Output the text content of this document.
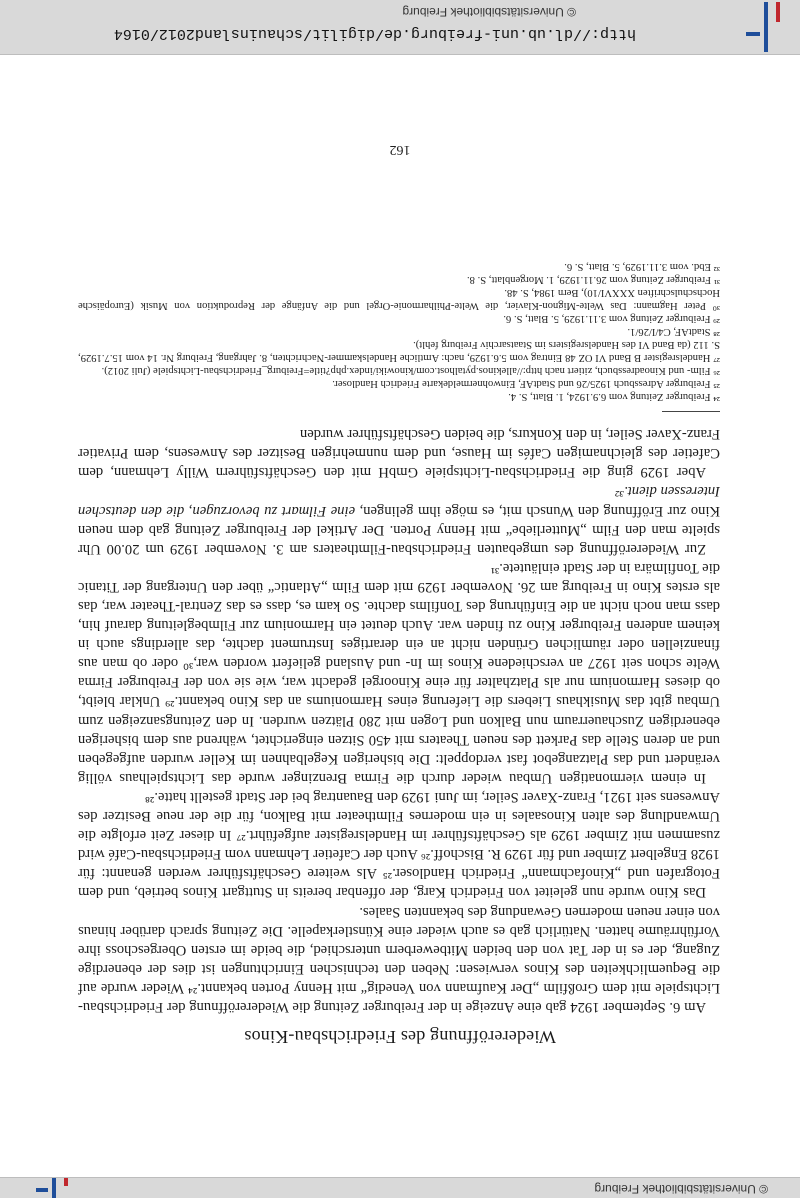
© Universitätsbibliothek Freiburg
Wiedereröffnung des Friedrichsbau-Kinos

Am 6. September 1924 gab eine Anzeige in der Freiburger Zeitung die Wiedereröffnung der Friedrichsbau-Lichtspiele mit dem Großfilm „Der Kaufmann von Venedig“ mit Henny Porten bekannt.²⁴ Wieder wurde auf die Bequemlichkeiten des Kinos verwiesen: Neben den technischen Einrichtungen ist dies der ebenerdige Zugang, der es in der Tat von den beiden Mitbewerbern unterschied, die beide im ersten Obergeschoss ihre Vorführräume hatten. Natürlich gab es auch wieder eine Künstlerkapelle. Die Zeitung sprach darüber hinaus von einer neuen modernen Gewandung des bekannten Saales.

Das Kino wurde nun geleitet von Friedrich Karg, der offenbar bereits in Stuttgart Kinos betrieb, und dem Fotografen und „Kinofachmann“ Friedrich Handloser.²⁵ Als weitere Geschäftsführer werden genannt: für 1928 Engelbert Zimber und für 1929 R. Bischoff.²⁶ Auch der Cafetier Lehmann vom Friedrichsbau-Café wird zusammen mit Zimber 1929 als Geschäftsführer im Handelsregister aufgeführt.²⁷ In dieser Zeit erfolgte die Umwandlung des alten Kinosaales in ein modernes Filmtheater mit Balkon, für die der neue Besitzer des Anwesens seit 1921, Franz-Xaver Seiler, im Juni 1929 den Bauantrag bei der Stadt gestellt hatte.²⁸

In einem viermonatigen Umbau wieder durch die Firma Brenzinger wurde das Lichtspielhaus völlig verändert und das Platzangebot fast verdoppelt: Die bisherigen Kegelbahnen im Keller wurden aufgegeben und an deren Stelle das Parkett des neuen Theaters mit 450 Sitzen eingerichtet, während aus dem bisherigen ebenerdigen Zuschauerraum nun Balkon und Logen mit 280 Plätzen wurden. In den Zeitungsanzeigen zum Umbau gibt das Musikhaus Liebers die Lieferung eines Harmoniums an das Kino bekannt.²⁹ Unklar bleibt, ob dieses Harmonium nur als Platzhalter für eine Kinoorgel gedacht war, wie sie von der Freiburger Firma Welte schon seit 1927 an verschiedene Kinos im In- und Ausland geliefert worden war,³⁰ oder ob man aus finanziellen oder räumlichen Gründen nicht an ein derartiges Instrument dachte, das allerdings auch in keinem anderen Freiburger Kino zu finden war. Auch deutet ein Harmonium zur Filmbegleitung darauf hin, dass man noch nicht an die Einführung des Tonfilms dachte. So kam es, dass es das Zentral-Theater war, das als erstes Kino in Freiburg am 26. November 1929 mit dem Film „Atlantic“ über den Untergang der Titanic die Tonfilmära in der Stadt einläutete.³¹

Zur Wiedereröffnung des umgebauten Friedrichsbau-Filmtheaters am 3. November 1929 um 20.00 Uhr spielte man den Film „Mutterliebe“ mit Henny Porten. Der Artikel der Freiburger Zeitung gab dem neuen Kino zur Eröffnung den Wunsch mit, es möge ihm gelingen, eine Filmart zu bevorzugen, die den deutschen Interessen dient.³²

Aber 1929 ging die Friedrichsbau-Lichtspiele GmbH mit den Geschäftsführern Willy Lehmann, dem Cafetier des gleichnamigen Cafés im Hause, und dem nunmehrigen Besitzer des Anwesens, dem Privatier Franz-Xaver Seiler, in den Konkurs, die beiden Geschäftsführer wurden

²⁴ Freiburger Zeitung vom 6.9.1924, 1. Blatt, S. 4.

²⁵ Freiburger Adressbuch 1925/26 und StadtAF, Einwohnermeldekarte Friedrich Handloser.

²⁶ Film- und Kinoadressbuch, zitiert nach http://allekinos.pytalhost.com/kinowiki/index.php?title=Freiburg_Friedrichsbau-Lichtspiele (Juli 2012).

²⁷ Handelsregister B Band VI OZ 48 Eintrag vom 5.6.1929, nach: Amtliche Handelskammer-Nachrichten, 8. Jahrgang, Freiburg Nr. 14 vom 15.7.1929, S. 112 (da Band VI des Handelsregisters im Staatsarchiv Freiburg fehlt).

²⁸ StadtAF, C4/I/26/1.

²⁹ Freiburger Zeitung vom 3.11.1929, 5. Blatt, S. 6.

³⁰ Peter Hagmann: Das Welte-Mignon-Klavier, die Welte-Philharmonie-Orgel und die Anfänge der Reproduktion von Musik (Europäische Hochschulschriften XXXVI/10), Bern 1984, S. 48.

³¹ Freiburger Zeitung vom 26.11.1929, 1. Morgenblatt, S. 8.

³² Ebd. vom 3.11.1929, 5. Blatt, S. 6.

162
http://dl.ub.uni-freiburg.de/digilit/schauinsland2012/0164
© Universitätsbibliothek Freiburg
